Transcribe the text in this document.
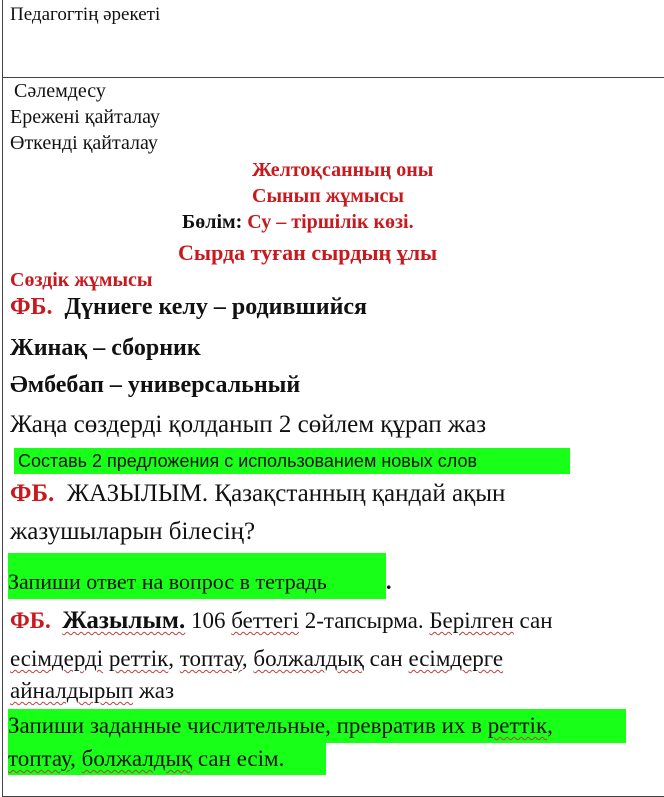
Педагогтің әрекеті
Сәлемдесу
Ережені қайталау
Өткенді қайталау
Желтоқсанның оны
Сынып жұмысы
Бөлім: Су – тіршілік көзі.
Сырда туған сырдың ұлы
Сөздік жұмысы
ФБ. Дүниеге келу – родившийся
Жинақ – сборник
Әмбебап – универсальный
Жаңа сөздерді қолданып 2 сөйлем құрап жаз
Составь 2 предложения с использованием новых слов
ФБ. ЖАЗЫЛЫМ. Қазақстанның қандай ақын
жазушыларын білесің?
Запиши ответ на вопрос в тетрадь	.
ФБ. Жазылым. 106 беттегі 2-тапсырма. Берілген сан
есімдерді реттік, топтау, болжалдық сан есімдерге
айналдырып жаз
Запиши заданные числительные, превратив их в реттік,
топтау, болжалдық сан есім.
